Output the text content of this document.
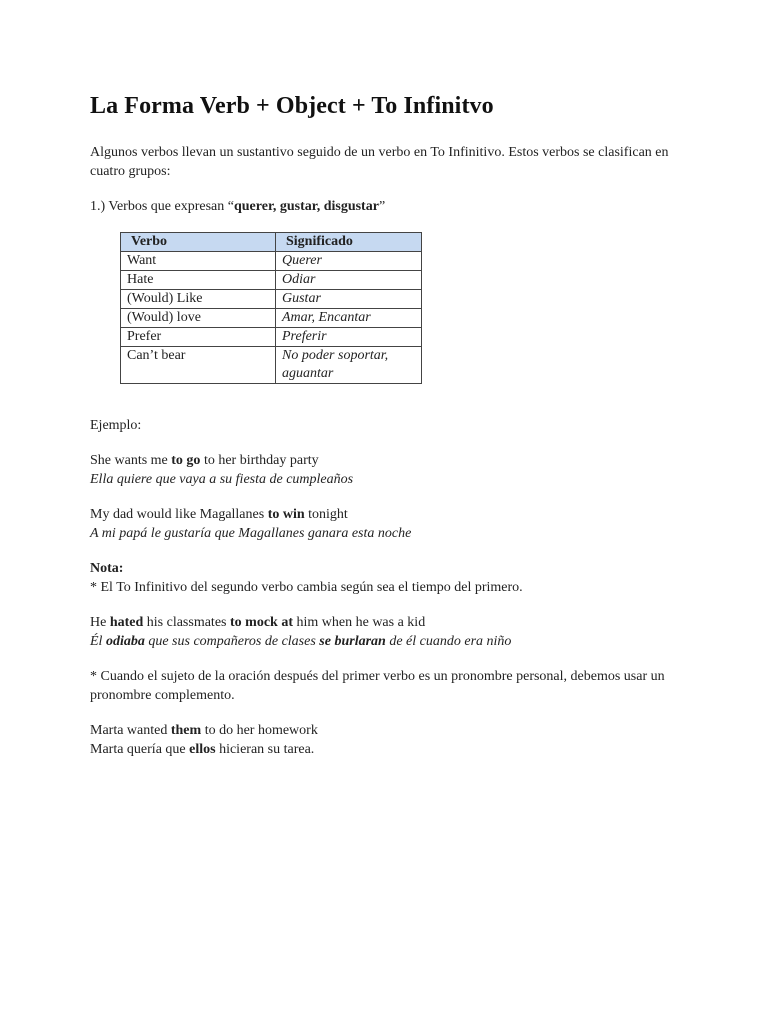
La Forma Verb + Object + To Infinitvo

Algunos verbos llevan un sustantivo seguido de un verbo en To Infinitivo. Estos verbos se clasifican en cuatro grupos:

1.) Verbos que expresan “querer, gustar, disgustar”

Verbo	Significado
Want	Querer
Hate	Odiar
(Would) Like	Gustar
(Would) love	Amar, Encantar
Prefer	Preferir
Can’t bear	No poder soportar, aguantar

Ejemplo:

She wants me to go to her birthday party

Ella quiere que vaya a su fiesta de cumpleaños

My dad would like Magallanes to win tonight

A mi papá le gustaría que Magallanes ganara esta noche

Nota:

* El To Infinitivo del segundo verbo cambia según sea el tiempo del primero.

He hated his classmates to mock at him when he was a kid

Él odiaba que sus compañeros de clases se burlaran de él cuando era niño

* Cuando el sujeto de la oración después del primer verbo es un pronombre personal, debemos usar un pronombre complemento.

Marta wanted them to do her homework

Marta quería que ellos hicieran su tarea.
